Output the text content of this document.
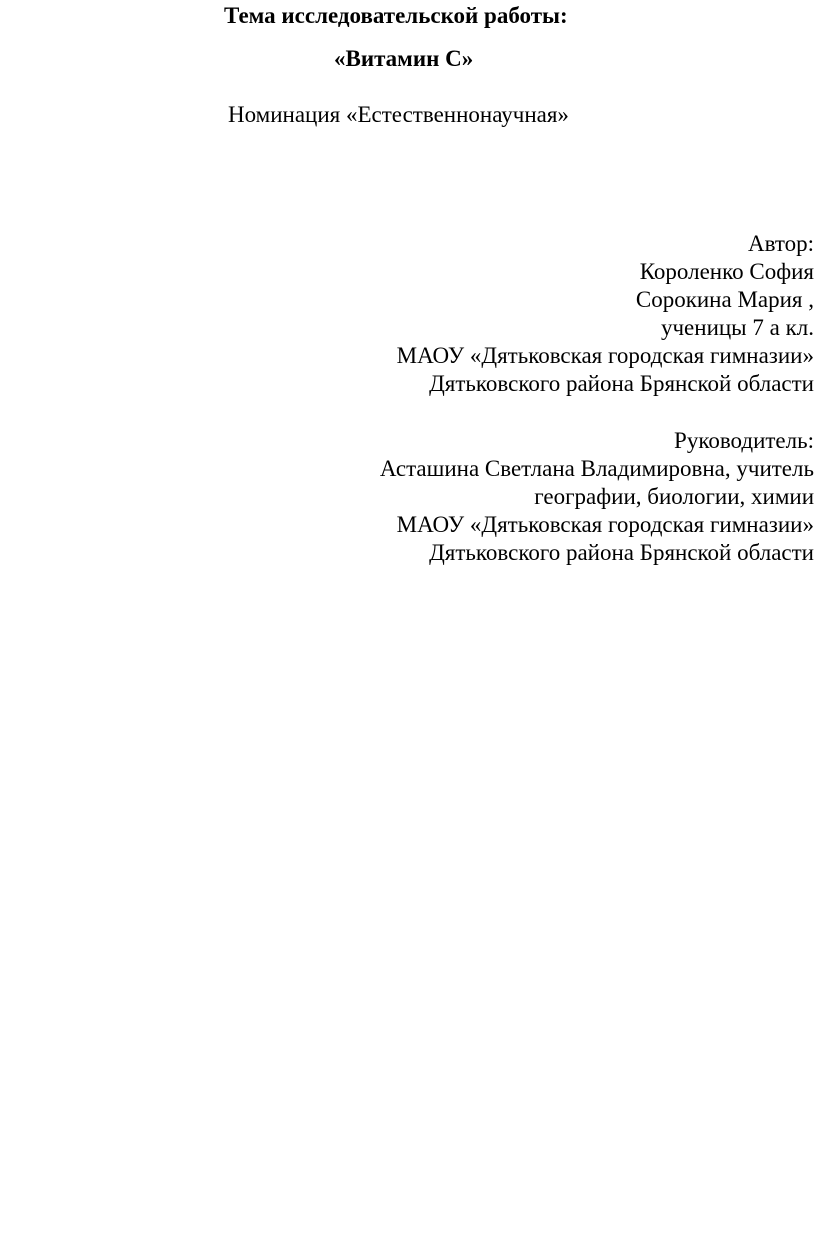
Тема исследовательской работы:
«Витамин С»
Номинация «Естественнонаучная»
Автор:
Короленко София
Сорокина Мария ,
ученицы 7 а кл.
МАОУ «Дятьковская городская гимназии»
Дятьковского района Брянской области
Руководитель:
Асташина Светлана Владимировна, учитель
географии, биологии, химии
МАОУ «Дятьковская городская гимназии»
Дятьковского района Брянской области
